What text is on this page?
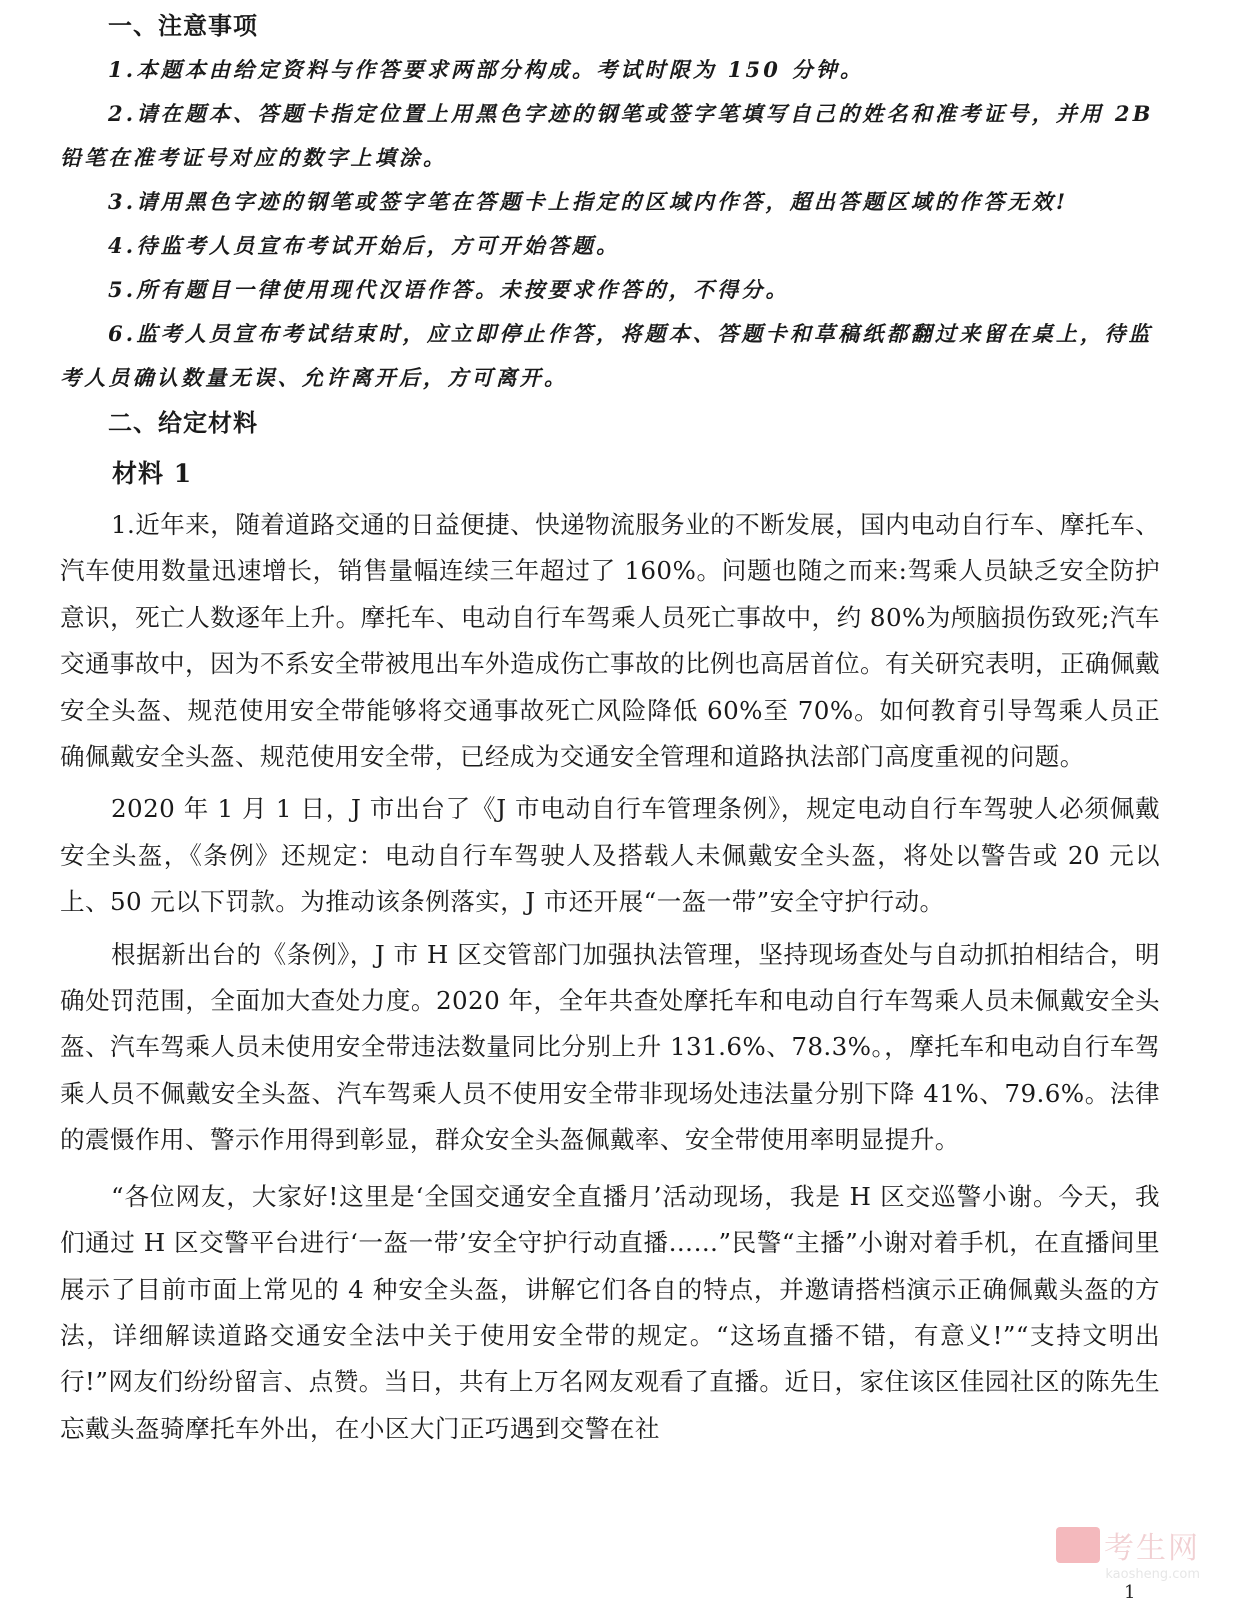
一、注意事项

1.本题本由给定资料与作答要求两部分构成。考试时限为 150 分钟。

2.请在题本、答题卡指定位置上用黑色字迹的钢笔或签字笔填写自己的姓名和准考证号，并用 2B 铅笔在准考证号对应的数字上填涂。

3.请用黑色字迹的钢笔或签字笔在答题卡上指定的区域内作答，超出答题区域的作答无效!

4.待监考人员宣布考试开始后，方可开始答题。

5.所有题目一律使用现代汉语作答。未按要求作答的，不得分。

6.监考人员宣布考试结束时，应立即停止作答，将题本、答题卡和草稿纸都翻过来留在桌上，待监考人员确认数量无误、允许离开后，方可离开。

二、给定材料
材料 1

1.近年来，随着道路交通的日益便捷、快递物流服务业的不断发展，国内电动自行车、摩托车、汽车使用数量迅速增长，销售量幅连续三年超过了 160%。问题也随之而来:驾乘人员缺乏安全防护意识，死亡人数逐年上升。摩托车、电动自行车驾乘人员死亡事故中，约 80%为颅脑损伤致死;汽车交通事故中，因为不系安全带被甩出车外造成伤亡事故的比例也高居首位。有关研究表明，正确佩戴安全头盔、规范使用安全带能够将交通事故死亡风险降低 60%至 70%。如何教育引导驾乘人员正确佩戴安全头盔、规范使用安全带，已经成为交通安全管理和道路执法部门高度重视的问题。

2020 年 1 月 1 日，J 市出台了《J 市电动自行车管理条例》，规定电动自行车驾驶人必须佩戴安全头盔，《条例》还规定：电动自行车驾驶人及搭载人未佩戴安全头盔，将处以警告或 20 元以上、50 元以下罚款。为推动该条例落实，J 市还开展“一盔一带”安全守护行动。

根据新出台的《条例》，J 市 H 区交管部门加强执法管理，坚持现场查处与自动抓拍相结合，明确处罚范围，全面加大查处力度。2020 年，全年共查处摩托车和电动自行车驾乘人员未佩戴安全头盔、汽车驾乘人员未使用安全带违法数量同比分别上升 131.6%、78.3%。，摩托车和电动自行车驾乘人员不佩戴安全头盔、汽车驾乘人员不使用安全带非现场处违法量分别下降 41%、79.6%。法律的震慑作用、警示作用得到彰显，群众安全头盔佩戴率、安全带使用率明显提升。

“各位网友，大家好!这里是‘全国交通安全直播月’活动现场，我是 H 区交巡警小谢。今天，我们通过 H 区交警平台进行‘一盔一带’安全守护行动直播……”民警“主播”小谢对着手机，在直播间里展示了目前市面上常见的 4 种安全头盔，讲解它们各自的特点，并邀请搭档演示正确佩戴头盔的方法，详细解读道路交通安全法中关于使用安全带的规定。“这场直播不错，有意义!”“支持文明出行!”网友们纷纷留言、点赞。当日，共有上万名网友观看了直播。近日，家住该区佳园社区的陈先生忘戴头盔骑摩托车外出，在小区大门正巧遇到交警在社

考生网
kaosheng.com
1
